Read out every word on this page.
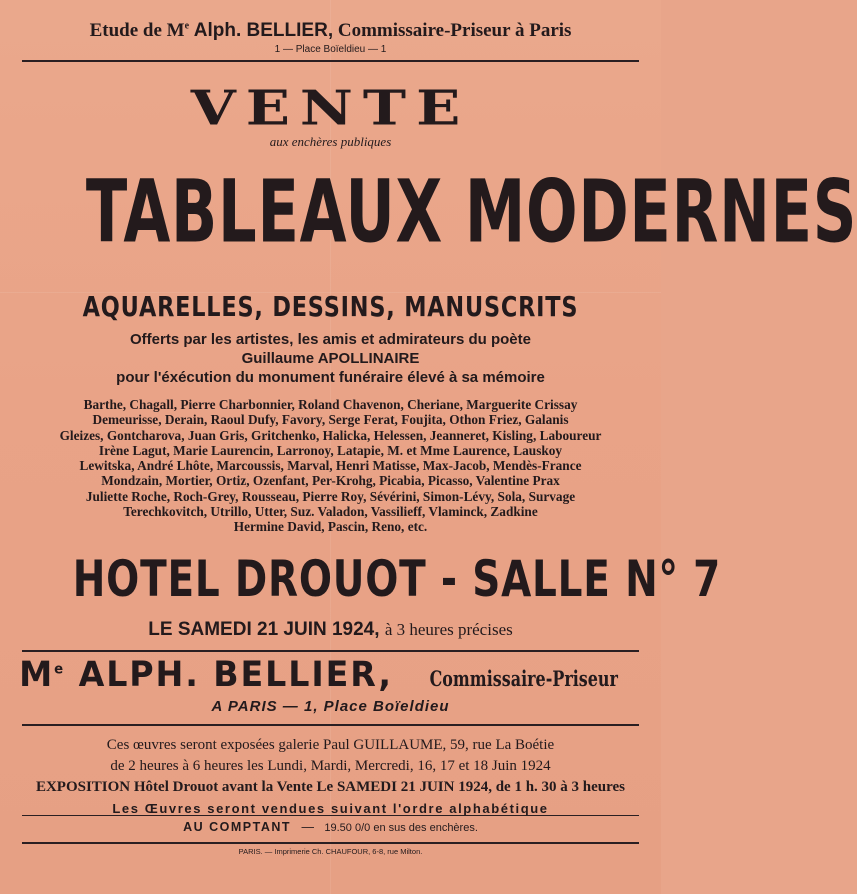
Etude de Me Alph. BELLIER, Commissaire-Priseur à Paris
1 — Place Boïeldieu — 1
VENTE
aux enchères publiques
TABLEAUX MODERNES
AQUARELLES, DESSINS, MANUSCRITS
Offerts par les artistes, les amis et admirateurs du poète
Guillaume APOLLINAIRE
pour l'éxécution du monument funéraire élevé à sa mémoire
Barthe, Chagall, Pierre Charbonnier, Roland Chavenon, Cheriane, Marguerite Crissay
Demeurisse, Derain, Raoul Dufy, Favory, Serge Ferat, Foujita, Othon Friez, Galanis
Gleizes, Gontcharova, Juan Gris, Gritchenko, Halicka, Helessen, Jeanneret, Kisling, Laboureur
Irène Lagut, Marie Laurencin, Larronoy, Latapie, M. et Mme Laurence, Lauskoy
Lewitska, André Lhôte, Marcoussis, Marval, Henri Matisse, Max-Jacob, Mendès-France
Mondzain, Mortier, Ortiz, Ozenfant, Per-Krohg, Picabia, Picasso, Valentine Prax
Juliette Roche, Roch-Grey, Rousseau, Pierre Roy, Sévérini, Simon-Lévy, Sola, Survage
Terechkovitch, Utrillo, Utter, Suz. Valadon, Vassilieff, Vlaminck, Zadkine
Hermine David, Pascin, Reno, etc.
HOTEL DROUOT - SALLE N° 7
LE SAMEDI 21 JUIN 1924, à 3 heures précises
Me ALPH. BELLIER, Commissaire-Priseur
A PARIS — 1, Place Boïeldieu
Ces œuvres seront exposées galerie Paul GUILLAUME, 59, rue La Boétie
de 2 heures à 6 heures les Lundi, Mardi, Mercredi, 16, 17 et 18 Juin 1924
EXPOSITION Hôtel Drouot avant la Vente Le SAMEDI 21 JUIN 1924, de 1 h. 30 à 3 heures
Les Œuvres seront vendues suivant l'ordre alphabétique
AU COMPTANT — 19.50 0/0 en sus des enchères.
PARIS. — Imprimerie Ch. CHAUFOUR, 6-8, rue Milton.
